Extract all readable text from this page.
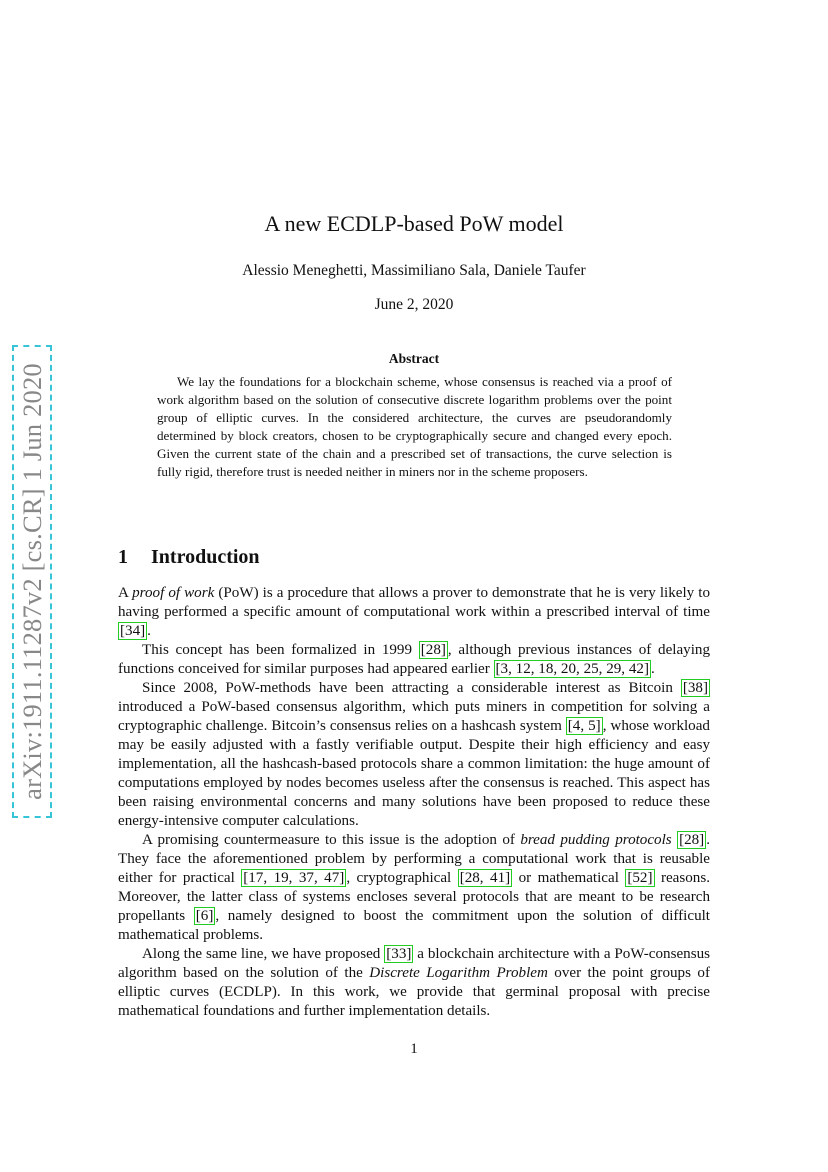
arXiv:1911.11287v2 [cs.CR] 1 Jun 2020
A new ECDLP-based PoW model
Alessio Meneghetti, Massimiliano Sala, Daniele Taufer
June 2, 2020
Abstract
We lay the foundations for a blockchain scheme, whose consensus is reached via a proof of work algorithm based on the solution of consecutive discrete logarithm problems over the point group of elliptic curves. In the considered architecture, the curves are pseudorandomly determined by block creators, chosen to be cryptographically secure and changed every epoch. Given the current state of the chain and a prescribed set of transactions, the curve selection is fully rigid, therefore trust is needed neither in miners nor in the scheme proposers.
1 Introduction

A proof of work (PoW) is a procedure that allows a prover to demonstrate that he is very likely to having performed a specific amount of computational work within a prescribed interval of time [34] .

This concept has been formalized in 1999 [28] , although previous instances of delaying functions conceived for similar purposes had appeared earlier [3, 12, 18, 20, 25, 29, 42] .

Since 2008, PoW-methods have been attracting a considerable interest as Bitcoin [38] introduced a PoW-based consensus algorithm, which puts miners in competition for solving a cryptographic challenge. Bitcoin’s consensus relies on a hashcash system [4, 5] , whose workload may be easily adjusted with a fastly verifiable output. Despite their high efficiency and easy implementation, all the hashcash-based protocols share a common limitation: the huge amount of computations employed by nodes becomes useless after the consensus is reached. This aspect has been raising environmental concerns and many solutions have been proposed to reduce these energy-intensive computer calculations.

A promising countermeasure to this issue is the adoption of bread pudding protocols [28] . They face the aforementioned problem by performing a computational work that is reusable either for practical [17, 19, 37, 47] , cryptographical [28, 41] or mathematical [52] reasons. Moreover, the latter class of systems encloses several protocols that are meant to be research propellants [6] , namely designed to boost the commitment upon the solution of difficult mathematical problems.

Along the same line, we have proposed [33] a blockchain architecture with a PoW-consensus algorithm based on the solution of the Discrete Logarithm Problem over the point groups of elliptic curves (ECDLP). In this work, we provide that germinal proposal with precise mathematical foundations and further implementation details.

1
